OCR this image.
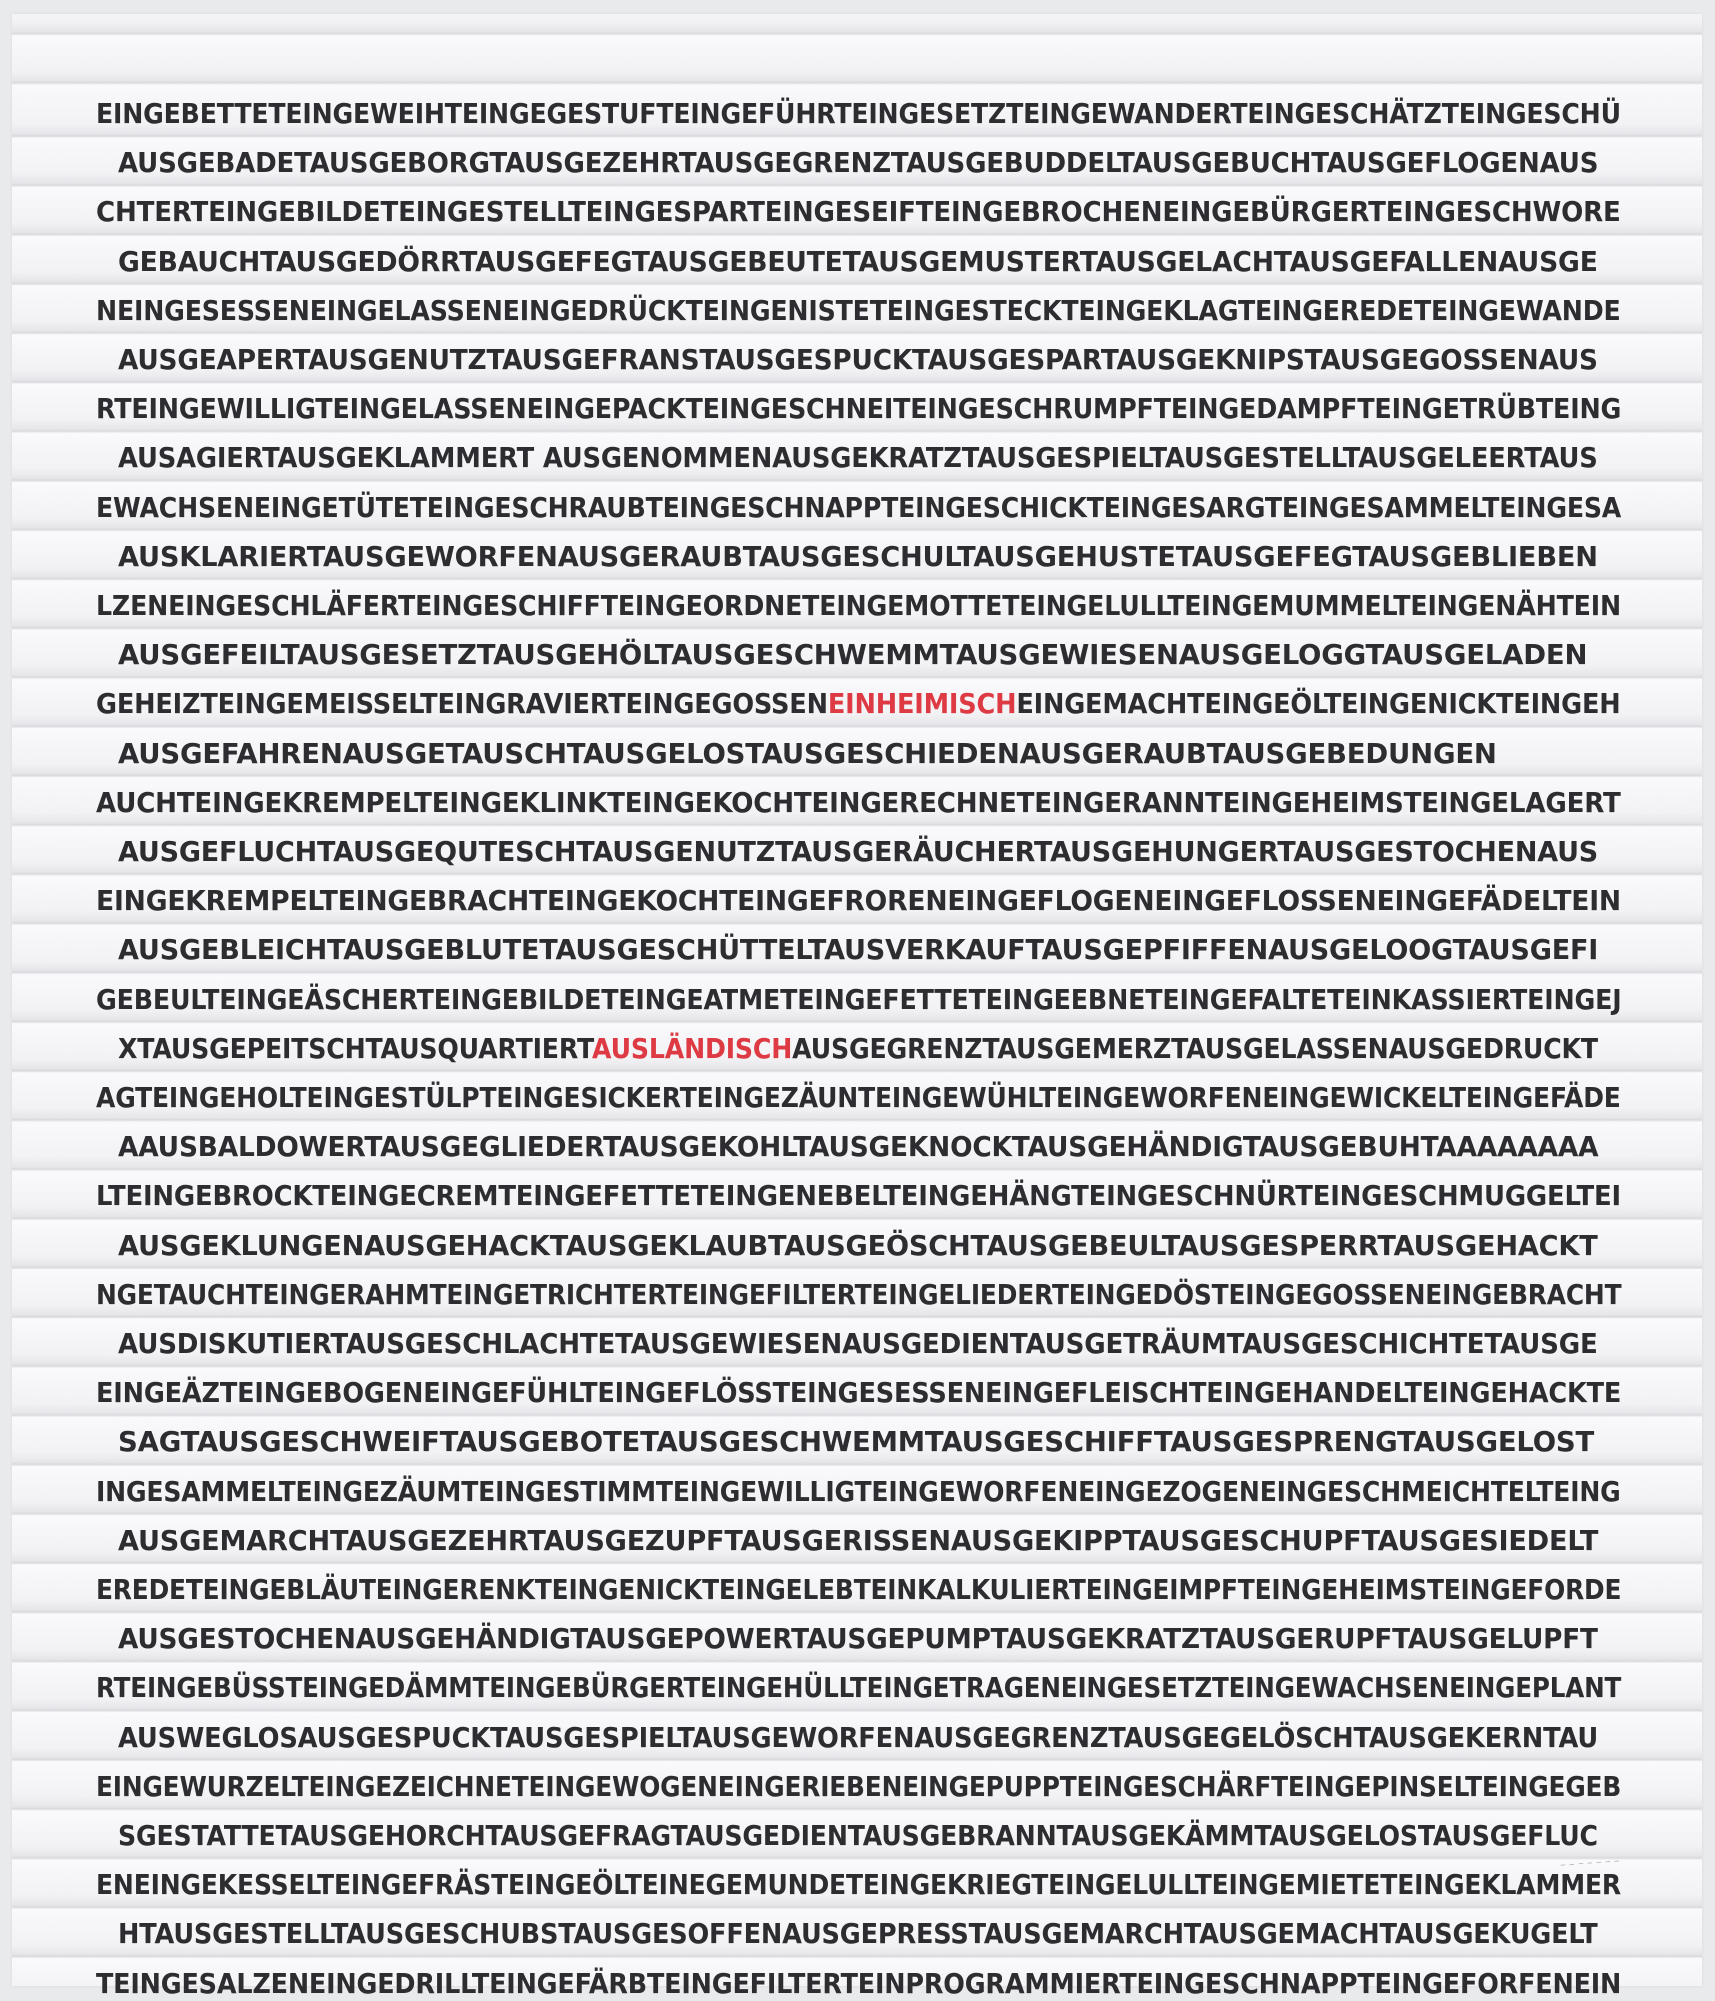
EINGEBETTETEINGEWEIHTEINGEGESTUFTEINGEFÜHRTEINGESETZTEINGEWANDERTEINGESCHÄTZTEINGESCHÜ
AUSGEBADETAUSGEBORGTAUSGEZEHRTAUSGEGRENZTAUSGEBUDDELTAUSGEBUCHTAUSGEFLOGENAUS
CHTERTEINGEBILDETEINGESTELLTEINGESPARTEINGESEIFTEINGEBROCHENEINGEBÜRGERTEINGESCHWORE
GEBAUCHTAUSGEDÖRRTAUSGEFEGTAUSGEBEUTETAUSGEMUSTERTAUSGELACHTAUSGEFALLENAUSGE
NEINGESESSENEINGELASSENEINGEDRÜCKTEINGENISTETEINGESTECKTEINGEKLAGTEINGEREDETEINGEWANDE
AUSGEAPERTAUSGENUTZTAUSGEFRANSTAUSGESPUCKTAUSGESPARTAUSGEKNIPSTAUSGEGOSSENAUS
RTEINGEWILLIGTEINGELASSENEINGEPACKTEINGESCHNEITEINGESCHRUMPFTEINGEDAMPFTEINGETRÜBTEING
AUSAGIERTAUSGEKLAMMERT AUSGENOMMENAUSGEKRATZTAUSGESPIELTAUSGESTELLTAUSGELEERTAUS
EWACHSENEINGETÜTETEINGESCHRAUBTEINGESCHNAPPTEINGESCHICKTEINGESARGTEINGESAMMELTEINGESA
AUSKLARIERTAUSGEWORFENAUSGERAUBTAUSGESCHULTAUSGEHUSTETAUSGEFEGTAUSGEBLIEBEN
LZENEINGESCHLÄFERTEINGESCHIFFTEINGEORDNETEINGEMOTTETEINGELULLTEINGEMUMMELTEINGENÄHTEIN
AUSGEFEILTAUSGESETZTAUSGEHÖLTAUSGESCHWEMMTAUSGEWIESENAUSGELOGGTAUSGELADEN
GEHEIZTEINGEMEISSELTEINGRAVIERTEINGEGOSSENEINHEIMISCHEINGEMACHTEINGEÖLTEINGENICKTEINGEH
AUSGEFAHRENAUSGETAUSCHTAUSGELOSTAUSGESCHIEDENAUSGERAUBTAUSGEBEDUNGEN
AUCHTEINGEKREMPELTEINGEKLINKTEINGEKOCHTEINGERECHNETEINGERANNTEINGEHEIMSTEINGELAGERT
AUSGEFLUCHTAUSGEQUTESCHTAUSGENUTZTAUSGERÄUCHERTAUSGEHUNGERTAUSGESTOCHENAUS
EINGEKREMPELTEINGEBRACHTEINGEKOCHTEINGEFRORENEINGEFLOGENEINGEFLOSSENEINGEFÄDELTEIN
AUSGEBLEICHTAUSGEBLUTETAUSGESCHÜTTELTAUSVERKAUFTAUSGEPFIFFENAUSGELOOGTAUSGEFI
GEBEULTEINGEÄSCHERTEINGEBILDETEINGEATMETEINGEFETTETEINGEEBNETEINGEFALTETEINKASSIERTEINGEJ
XTAUSGEPEITSCHTAUSQUARTIERTAUSLÄNDISCHAUSGEGRENZTAUSGEMERZTAUSGELASSENAUSGEDRUCKT
AGTEINGEHOLTEINGESTÜLPTEINGESICKERTEINGEZÄUNTEINGEWÜHLTEINGEWORFENEINGEWICKELTEINGEFÄDE
AAUSBALDOWERTAUSGEGLIEDERTAUSGEKOHLTAUSGEKNOCKTAUSGEHÄNDIGTAUSGEBUHTAAAAAAAA
LTEINGEBROCKTEINGECREMTEINGEFETTETEINGENEBELTEINGEHÄNGTEINGESCHNÜRTEINGESCHMUGGELTEI
AUSGEKLUNGENAUSGEHACKTAUSGEKLAUBTAUSGEÖSCHTAUSGEBEULTAUSGESPERRTAUSGEHACKT
NGETAUCHTEINGERAHMTEINGETRICHTERTEINGEFILTERTEINGELIEDERTEINGEDÖSTEINGEGOSSENEINGEBRACHT
AUSDISKUTIERTAUSGESCHLACHTETAUSGEWIESENAUSGEDIENTAUSGETRÄUMTAUSGESCHICHTETAUSGE
EINGEÄZTEINGEBOGENEINGEFÜHLTEINGEFLÖSSTEINGESESSENEINGEFLEISCHTEINGEHANDELTEINGEHACKTE
SAGTAUSGESCHWEIFTAUSGEBOTETAUSGESCHWEMMTAUSGESCHIFFTAUSGESPRENGTAUSGELOST
INGESAMMELTEINGEZÄUMTEINGESTIMMTEINGEWILLIGTEINGEWORFENEINGEZOGENEINGESCHMEICHTELTEING
AUSGEMARCHTAUSGEZEHRTAUSGEZUPFTAUSGERISSENAUSGEKIPPTAUSGESCHUPFTAUSGESIEDELT
EREDETEINGEBLÄUTEINGERENKTEINGENICKTEINGELEBTEINKALKULIERTEINGEIMPFTEINGEHEIMSTEINGEFORDE
AUSGESTOCHENAUSGEHÄNDIGTAUSGEPOWERTAUSGEPUMPTAUSGEKRATZTAUSGERUPFTAUSGELUPFT
RTEINGEBÜSSTEINGEDÄMMTEINGEBÜRGERTEINGEHÜLLTEINGETRAGENEINGESETZTEINGEWACHSENEINGEPLANT
AUSWEGLOSAUSGESPUCKTAUSGESPIELTAUSGEWORFENAUSGEGRENZTAUSGEGELÖSCHTAUSGEKERNTAU
EINGEWURZELTEINGEZEICHNETEINGEWOGENEINGERIEBENEINGEPUPPTEINGESCHÄRFTEINGEPINSELTEINGEGEB
SGESTATTETAUSGEHORCHTAUSGEFRAGTAUSGEDIENTAUSGEBRANNTAUSGEKÄMMTAUSGELOSTAUSGEFLUC
ENEINGEKESSELTEINGEFRÄSTEINGEÖLTEINEGEMUNDETEINGEKRIEGTEINGELULLTEINGEMIETETEINGEKLAMMER
HTAUSGESTELLTAUSGESCHUBSTAUSGESOFFENAUSGEPRESSTAUSGEMARCHTAUSGEMACHTAUSGEKUGELT
TEINGESALZENEINGEDRILLTEINGEFÄRBTEINGEFILTERTEINPROGRAMMIERTEINGESCHNAPPTEINGEFORFENEIN
– – – – – – –
